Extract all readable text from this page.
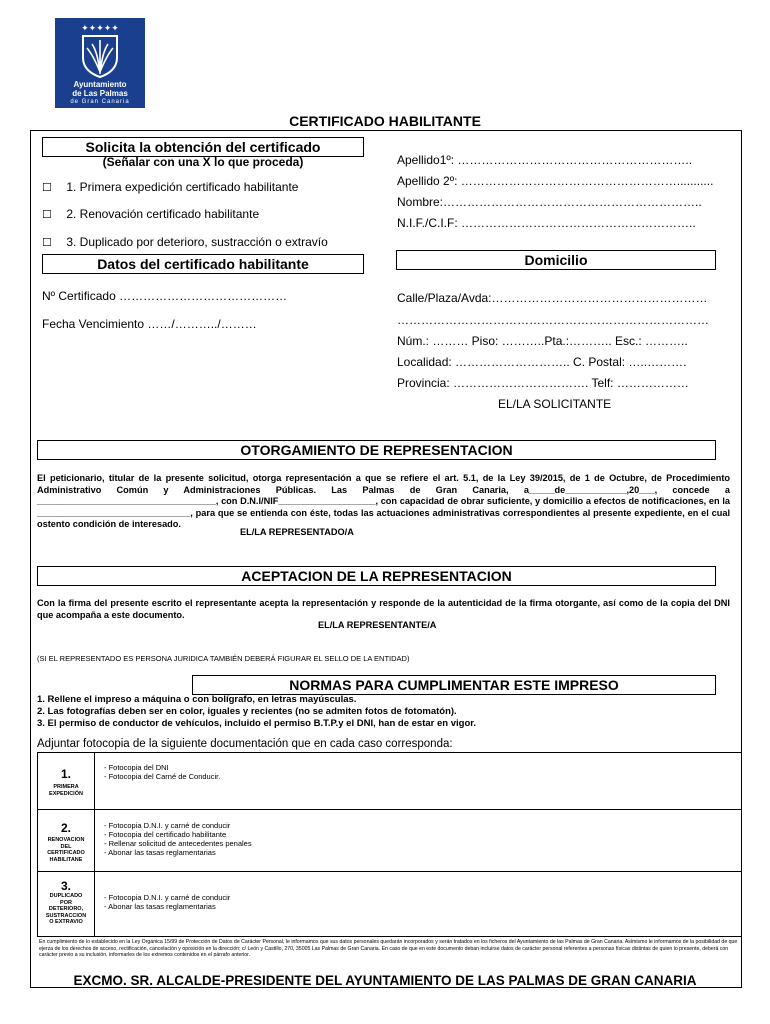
✦✦✦✦✦
Ayuntamiento
de Las Palmas
de Gran Canaria
CERTIFICADO HABILITANTE
Solicita la obtención del certificado
(Señalar con una X lo que proceda)
☐ 1. Primera expedición certificado habilitante
☐ 2. Renovación certificado habilitante
☐ 3. Duplicado por deterioro, sustracción o extravío
Apellido1º: …………………………………………………..
Apellido 2º: ………………………………………………...........
Nombre:………………………………………………………..
N.I.F./C.I.F: …………………………………………………..
Datos del certificado habilitante
Nº Certificado ……………………………………
Fecha Vencimiento ……/………../………
Domicilio
Calle/Plaza/Avda:………………………………………………
……………………………………………………………………
Núm.: ……… Piso: ………..Pta.:……….. Esc.: ………..
Localidad: ……………………….. C. Postal: …..……….
Provincia: ……………………………. Telf: ………………
EL/LA SOLICITANTE
OTORGAMIENTO DE REPRESENTACION
El peticionario, titular de la presente solicitud, otorga representación a que se refiere el art. 5.1, de la Ley 39/2015, de 1 de Octubre, de Procedimiento Administrativo Común y Administraciones Públicas. Las Palmas de Gran Canaria, a_____de____________,20___, concede a ___________________________________, con D.N.I/NIF___________________, con capacidad de obrar suficiente, y domicilio a efectos de notificaciones, en la ______________________________, para que se entienda con éste, todas las actuaciones administrativas correspondientes al presente expediente, en el cual ostento condición de interesado.
EL/LA REPRESENTADO/A
ACEPTACION DE LA REPRESENTACION
Con la firma del presente escrito el representante acepta la representación y responde de la autenticidad de la firma otorgante, así como de la copia del DNI que acompaña a este documento.
EL/LA REPRESENTANTE/A
(SI EL REPRESENTADO ES PERSONA JURIDICA TAMBIÉN DEBERÁ FIGURAR EL SELLO DE LA ENTIDAD)
NORMAS PARA CUMPLIMENTAR ESTE IMPRESO
1. Rellene el impreso a máquina o con bolígrafo, en letras mayúsculas.
2. Las fotografías deben ser en color, iguales y recientes (no se admiten fotos de fotomatón).
3. El permiso de conductor de vehículos, incluido el permiso B.T.P.y el DNI, han de estar en vigor.
Adjuntar fotocopia de la siguiente documentación que en cada caso corresponda:
1.
PRIMERA
EXPEDICIÓN
- Fotocopia del DNI
- Fotocopia del Carné de Conducir.
2.
RENOVACION
DEL
CERTIFICADO
HABILITANE
- Fotocopia D.N.I. y carné de conducir
- Fotocopia del certificado habilitante
- Rellenar solicitud de antecedentes penales
- Abonar las tasas reglamentarias
3.
DUPLICADO
POR
DETERIORO,
SUSTRACCION
O EXTRAVIO
- Fotocopia D.N.I. y carné de conducir
- Abonar las tasas reglamentarias
En cumplimiento de lo establecido en la Ley Orgánica 15/99 de Protección de Datos de Carácter Personal, le informamos que sus datos personales quedarán incorporados y serán tratados en los ficheros del Ayuntamiento de las Palmas de Gran Canaria. Asimismo le informamos de la posibilidad de que ejerza de los derechos de acceso, rectificación, cancelación y oposición en la dirección; c/ León y Castillo, 270, 35005 Las Palmas de Gran Canaria. En caso de que en este documento deban incluirse datos de carácter personal referentes a personas físicas distintas de quien lo presente, deberá con carácter previo a su inclusión, informarles de los extremos contenidos en el párrafo anterior.
EXCMO. SR. ALCALDE-PRESIDENTE DEL AYUNTAMIENTO DE LAS PALMAS DE GRAN CANARIA
